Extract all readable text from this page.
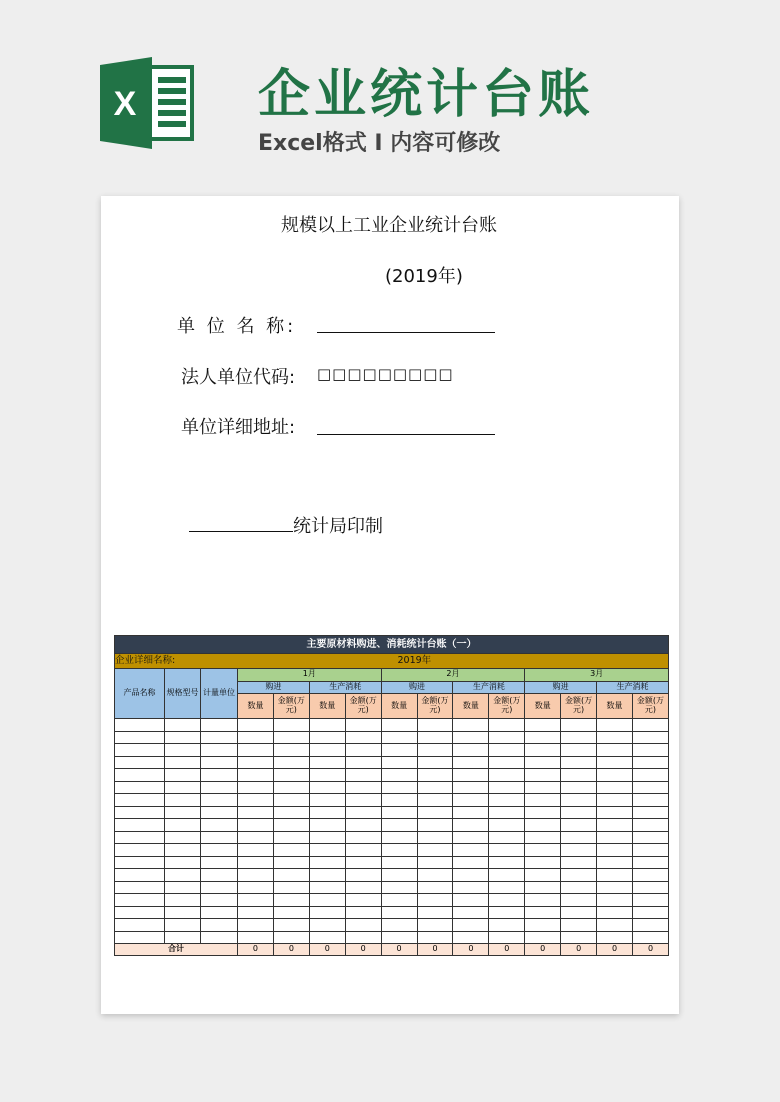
X 企业统计台账
Excel格式 I 内容可修改
规模以上工业企业统计台账
(2019年)
单 位 名 称:
法人单位代码: □□□□□□□□□
单位详细地址:
统计局印制
主要原材料购进、消耗统计台账（一）														
企业详细名称:			2019年											
产品名称	规格型号	计量单位	1月				2月				3月			
			购进		生产消耗		购进		生产消耗		购进		生产消耗	
			数量	金额(万元)	数量	金额(万元)	数量	金额(万元)	数量	金额(万元)	数量	金额(万元)	数量	金额(万元)

合计			0	0	0	0	0	0	0	0	0	0	0	0
